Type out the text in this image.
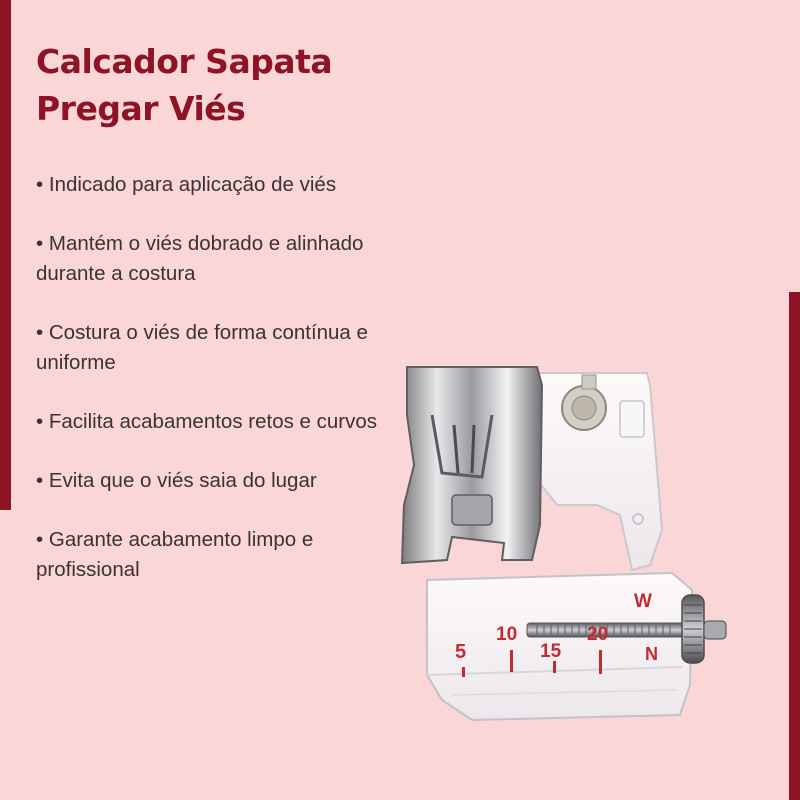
Calcador Sapata
Pregar Viés
• Indicado para aplicação de viés
• Mantém o viés dobrado e alinhado durante a costura
• Costura o viés de forma contínua e uniforme
• Facilita acabamentos retos e curvos
• Evita que o viés saia do lugar
• Garante acabamento limpo e profissional
W
N
5
10
15
20
